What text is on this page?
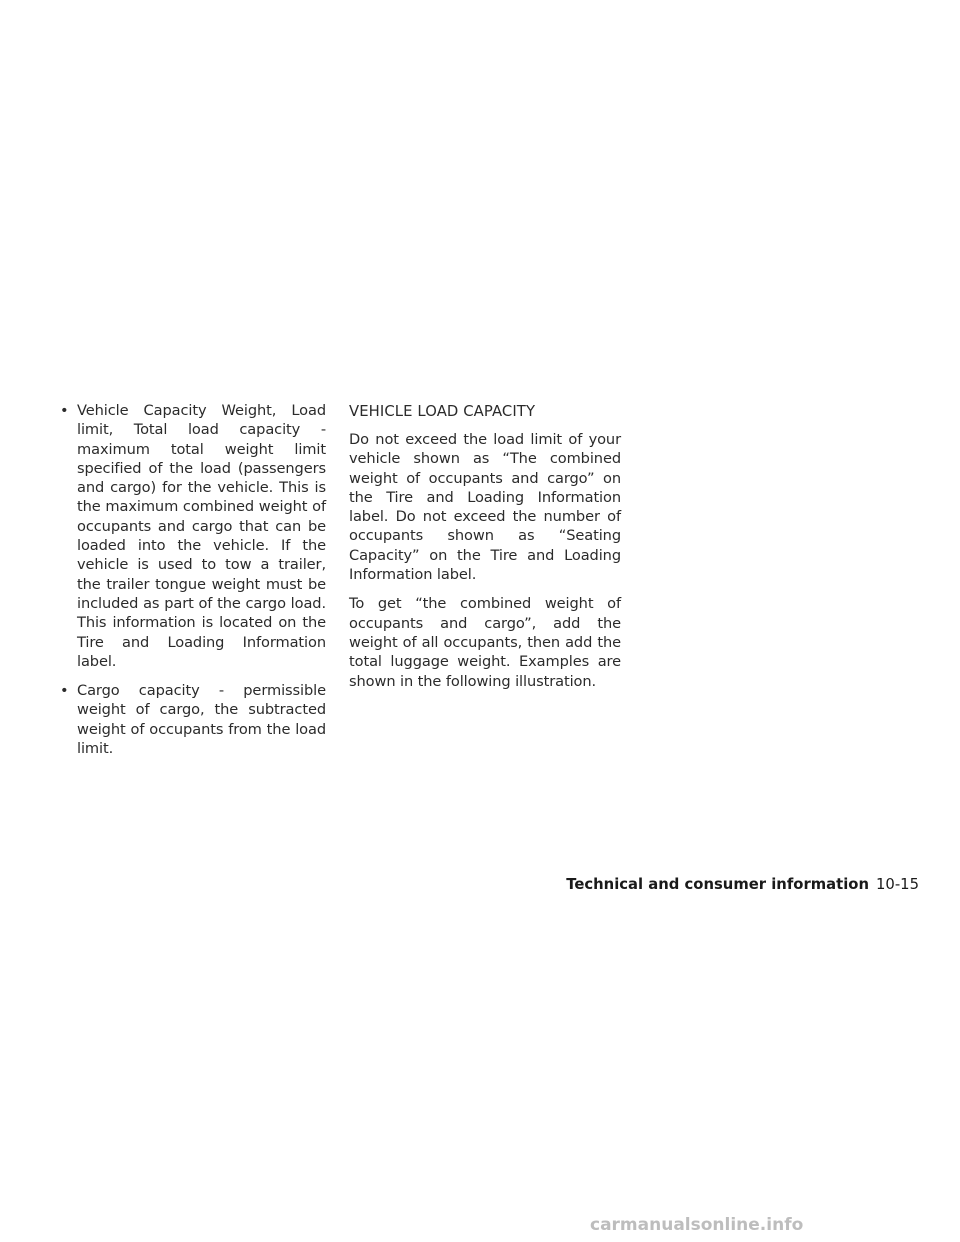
• Vehicle Capacity Weight, Load limit, Total load capacity - maximum total weight limit specified of the load (passengers and cargo) for the vehicle. This is the maximum combined weight of occupants and cargo that can be loaded into the vehicle. If the vehicle is used to tow a trailer, the trailer tongue weight must be included as part of the cargo load. This information is located on the Tire and Loading Information label.
• Cargo capacity - permissible weight of cargo, the subtracted weight of occupants from the load limit.
VEHICLE LOAD CAPACITY

Do not exceed the load limit of your vehicle shown as “The combined weight of occupants and cargo” on the Tire and Loading Information label. Do not exceed the number of occupants shown as “Seating Capacity” on the Tire and Loading Information label.

To get “the combined weight of occupants and cargo”, add the weight of all occupants, then add the total luggage weight. Examples are shown in the following illustration.

Technical and consumer information 10-15
carmanualsonline.info
